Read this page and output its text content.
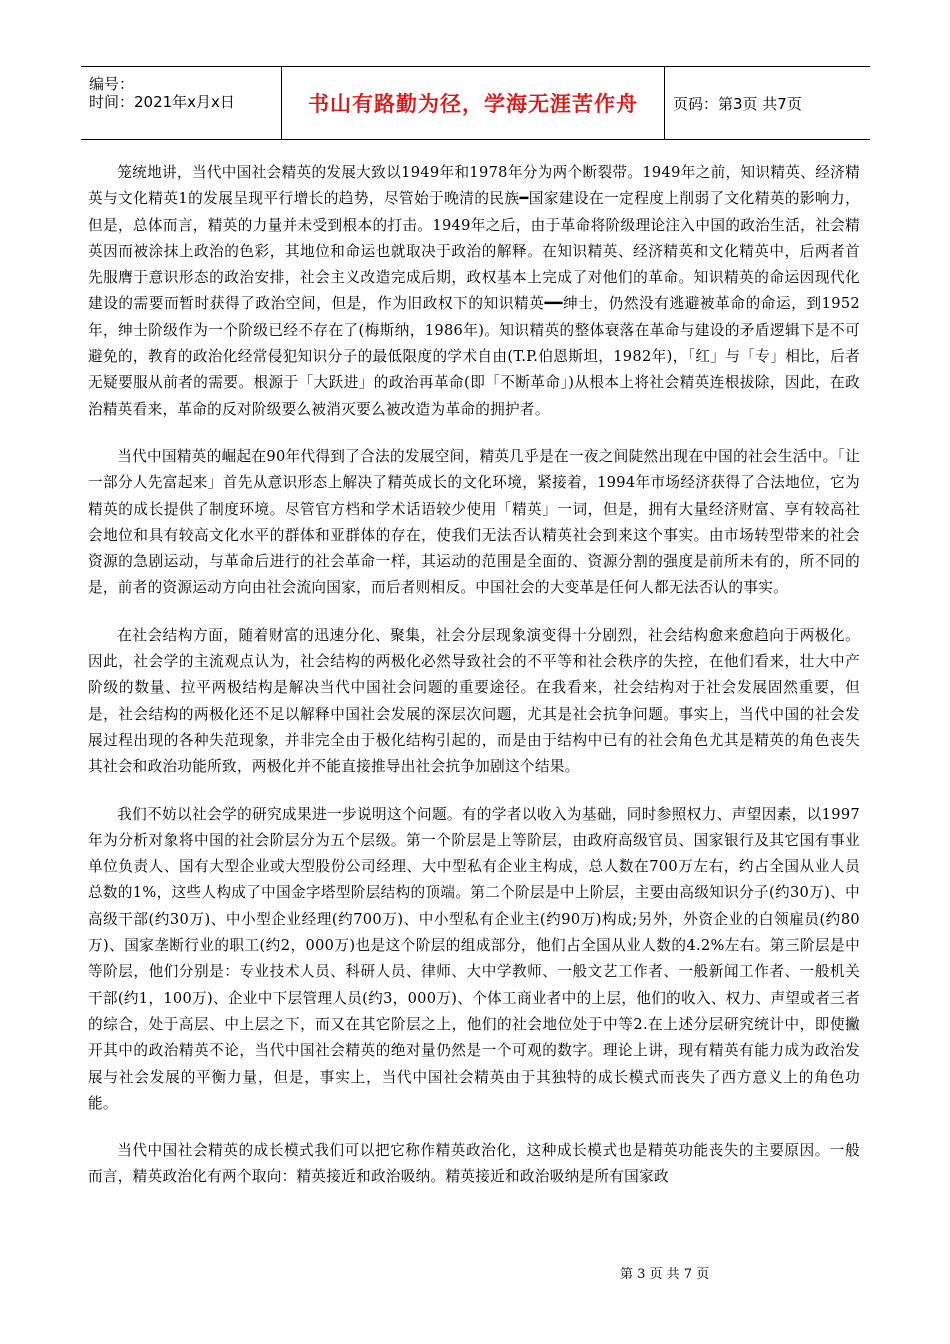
编号：
时间：2021年x月x日	书山有路勤为径，学海无涯苦作舟 页码：第3页 共7页

笼统地讲，当代中国社会精英的发展大致以1949年和1978年分为两个断裂带。1949年之前，知识精英、经济精英与文化精英1的发展呈现平行增长的趋势，尽管始于晚清的民族━国家建设在一定程度上削弱了文化精英的影响力，但是，总体而言，精英的力量并未受到根本的打击。1949年之后，由于革命将阶级理论注入中国的政治生活，社会精英因而被涂抹上政治的色彩，其地位和命运也就取决于政治的解释。在知识精英、经济精英和文化精英中，后两者首先服膺于意识形态的政治安排，社会主义改造完成后期，政权基本上完成了对他们的革命。知识精英的命运因现代化建设的需要而暂时获得了政治空间，但是，作为旧政权下的知识精英━━绅士，仍然没有逃避被革命的命运，到1952年，绅士阶级作为一个阶级已经不存在了(梅斯纳，1986年)。知识精英的整体衰落在革命与建设的矛盾逻辑下是不可避免的，教育的政治化经常侵犯知识分子的最低限度的学术自由(T.P.伯恩斯坦，1982年)，「红」与「专」相比，后者无疑要服从前者的需要。根源于「大跃进」的政治再革命(即「不断革命」)从根本上将社会精英连根拔除，因此，在政治精英看来，革命的反对阶级要么被消灭要么被改造为革命的拥护者。

当代中国精英的崛起在90年代得到了合法的发展空间，精英几乎是在一夜之间陡然出现在中国的社会生活中。「让一部分人先富起来」首先从意识形态上解决了精英成长的文化环境，紧接着，1994年市场经济获得了合法地位，它为精英的成长提供了制度环境。尽管官方档和学术话语较少使用「精英」一词，但是，拥有大量经济财富、享有较高社会地位和具有较高文化水平的群体和亚群体的存在，使我们无法否认精英社会到来这个事实。由市场转型带来的社会资源的急剧运动，与革命后进行的社会革命一样，其运动的范围是全面的、资源分割的强度是前所未有的，所不同的是，前者的资源运动方向由社会流向国家，而后者则相反。中国社会的大变革是任何人都无法否认的事实。

在社会结构方面，随着财富的迅速分化、聚集，社会分层现象演变得十分剧烈，社会结构愈来愈趋向于两极化。因此，社会学的主流观点认为，社会结构的两极化必然导致社会的不平等和社会秩序的失控，在他们看来，壮大中产阶级的数量、拉平两极结构是解决当代中国社会问题的重要途径。在我看来，社会结构对于社会发展固然重要，但是，社会结构的两极化还不足以解释中国社会发展的深层次问题，尤其是社会抗争问题。事实上，当代中国的社会发展过程出现的各种失范现象，并非完全由于极化结构引起的，而是由于结构中已有的社会角色尤其是精英的角色丧失其社会和政治功能所致，两极化并不能直接推导出社会抗争加剧这个结果。

我们不妨以社会学的研究成果进一步说明这个问题。有的学者以收入为基础，同时参照权力、声望因素，以1997年为分析对象将中国的社会阶层分为五个层级。第一个阶层是上等阶层，由政府高级官员、国家银行及其它国有事业单位负责人、国有大型企业或大型股份公司经理、大中型私有企业主构成，总人数在700万左右，约占全国从业人员总数的1%，这些人构成了中国金字塔型阶层结构的顶端。第二个阶层是中上阶层，主要由高级知识分子(约30万)、中高级干部(约30万)、中小型企业经理(约700万)、中小型私有企业主(约90万)构成;另外，外资企业的白领雇员(约80万)、国家垄断行业的职工(约2，000万)也是这个阶层的组成部分，他们占全国从业人数的4.2%左右。第三阶层是中等阶层，他们分别是：专业技术人员、科研人员、律师、大中学教师、一般文艺工作者、一般新闻工作者、一般机关干部(约1，100万)、企业中下层管理人员(约3，000万)、个体工商业者中的上层，他们的收入、权力、声望或者三者的综合，处于高层、中上层之下，而又在其它阶层之上，他们的社会地位处于中等2.在上述分层研究统计中，即使撇开其中的政治精英不论，当代中国社会精英的绝对量仍然是一个可观的数字。理论上讲，现有精英有能力成为政治发展与社会发展的平衡力量，但是，事实上，当代中国社会精英由于其独特的成长模式而丧失了西方意义上的角色功能。

当代中国社会精英的成长模式我们可以把它称作精英政治化，这种成长模式也是精英功能丧失的主要原因。一般而言，精英政治化有两个取向：精英接近和政治吸纳。精英接近和政治吸纳是所有国家政

第 3 页 共 7 页
